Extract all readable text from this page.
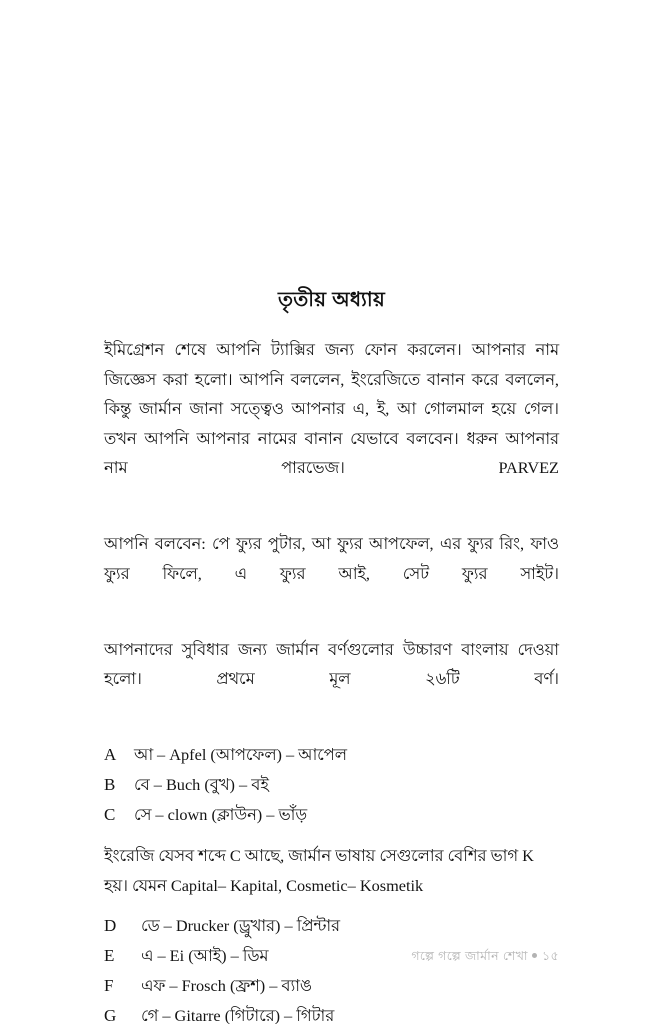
তৃতীয় অধ্যায়

ইমিগ্রেশন শেষে আপনি ট্যাক্সির জন্য ফোন করলেন। আপনার নাম জিজ্ঞেস করা হলো। আপনি বললেন, ইংরেজিতে বানান করে বললেন, কিন্তু জার্মান জানা সত্ত্বেও আপনার এ, ই, আ গোলমাল হয়ে গেল। তখন আপনি আপনার নামের বানান যেভাবে বলবেন। ধরুন আপনার নাম পারভেজ। PARVEZ

আপনি বলবেন: পে ফ্যুর পুটার, আ ফ্যুর আপফেল, এর ফ্যুর রিং, ফাও ফ্যুর ফিলে, এ ফ্যুর আই, সেট ফ্যুর সাইট।

আপনাদের সুবিধার জন্য জার্মান বর্ণগুলোর উচ্চারণ বাংলায় দেওয়া হলো। প্রথমে মূল ২৬টি বর্ণ।

A	আ – Apfel (আপফেল) – আপেল
B	বে – Buch (বুখ) – বই
C	সে – clown (ক্লাউন) – ভাঁড়

ইংরেজি যেসব শব্দে C আছে, জার্মান ভাষায় সেগুলোর বেশির ভাগ K হয়। যেমন Capital– Kapital, Cosmetic– Kosmetik

D	ডে – Drucker (ড্রুখার) – প্রিন্টার
E	এ – Ei (আই) – ডিম
F	এফ – Frosch (ফ্রশ) – ব্যাঙ
G	গে – Gitarre (গিটারে) – গিটার
গল্পে গল্পে জার্মান শেখা ১৫
